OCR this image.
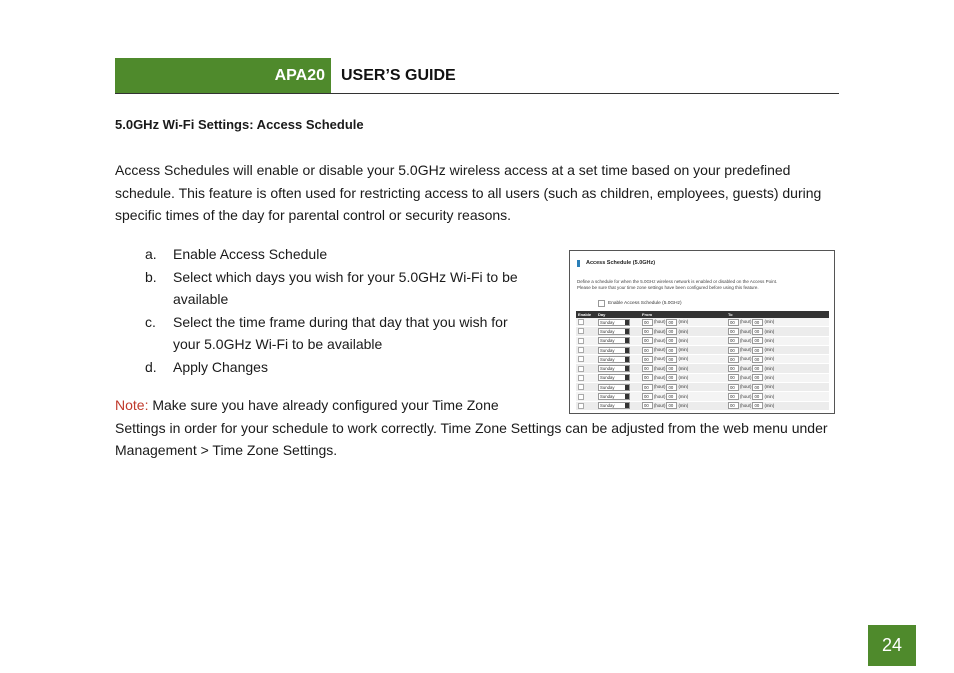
APA20	USER’S GUIDE
5.0GHz Wi-Fi Settings: Access Schedule
Access Schedules will enable or disable your 5.0GHz wireless access at a set time based on your predefined schedule. This feature is often used for restricting access to all users (such as children, employees, guests) during specific times of the day for parental control or security reasons.
a.	Enable Access Schedule
b.	Select which days you wish for your 5.0GHz Wi-Fi to be available
c.	Select the time frame during that day that you wish for your 5.0GHz Wi-Fi to be available
d.	Apply Changes
Note: Make sure you have already configured your Time Zone
Settings in order for your schedule to work correctly. Time Zone Settings can be adjusted from the web menu under Management > Time Zone Settings.
Access Schedule (5.0GHz)
Define a schedule for when the 5.0GHz wireless network is enabled or disabled on the Access Point.
Please be sure that your time zone settings have been configured before using this feature.
Enable Access Schedule (5.0GHz)
Enable	Day	From	To
	Sunday	00 (hour) 00 (min)	00 (hour) 00 (min)
	Sunday	00 (hour) 00 (min)	00 (hour) 00 (min)
	Sunday	00 (hour) 00 (min)	00 (hour) 00 (min)
	Sunday	00 (hour) 00 (min)	00 (hour) 00 (min)
	Sunday	00 (hour) 00 (min)	00 (hour) 00 (min)
	Sunday	00 (hour) 00 (min)	00 (hour) 00 (min)
	Sunday	00 (hour) 00 (min)	00 (hour) 00 (min)
	Sunday	00 (hour) 00 (min)	00 (hour) 00 (min)
	Sunday	00 (hour) 00 (min)	00 (hour) 00 (min)
	Sunday	00 (hour) 00 (min)	00 (hour) 00 (min)
24
